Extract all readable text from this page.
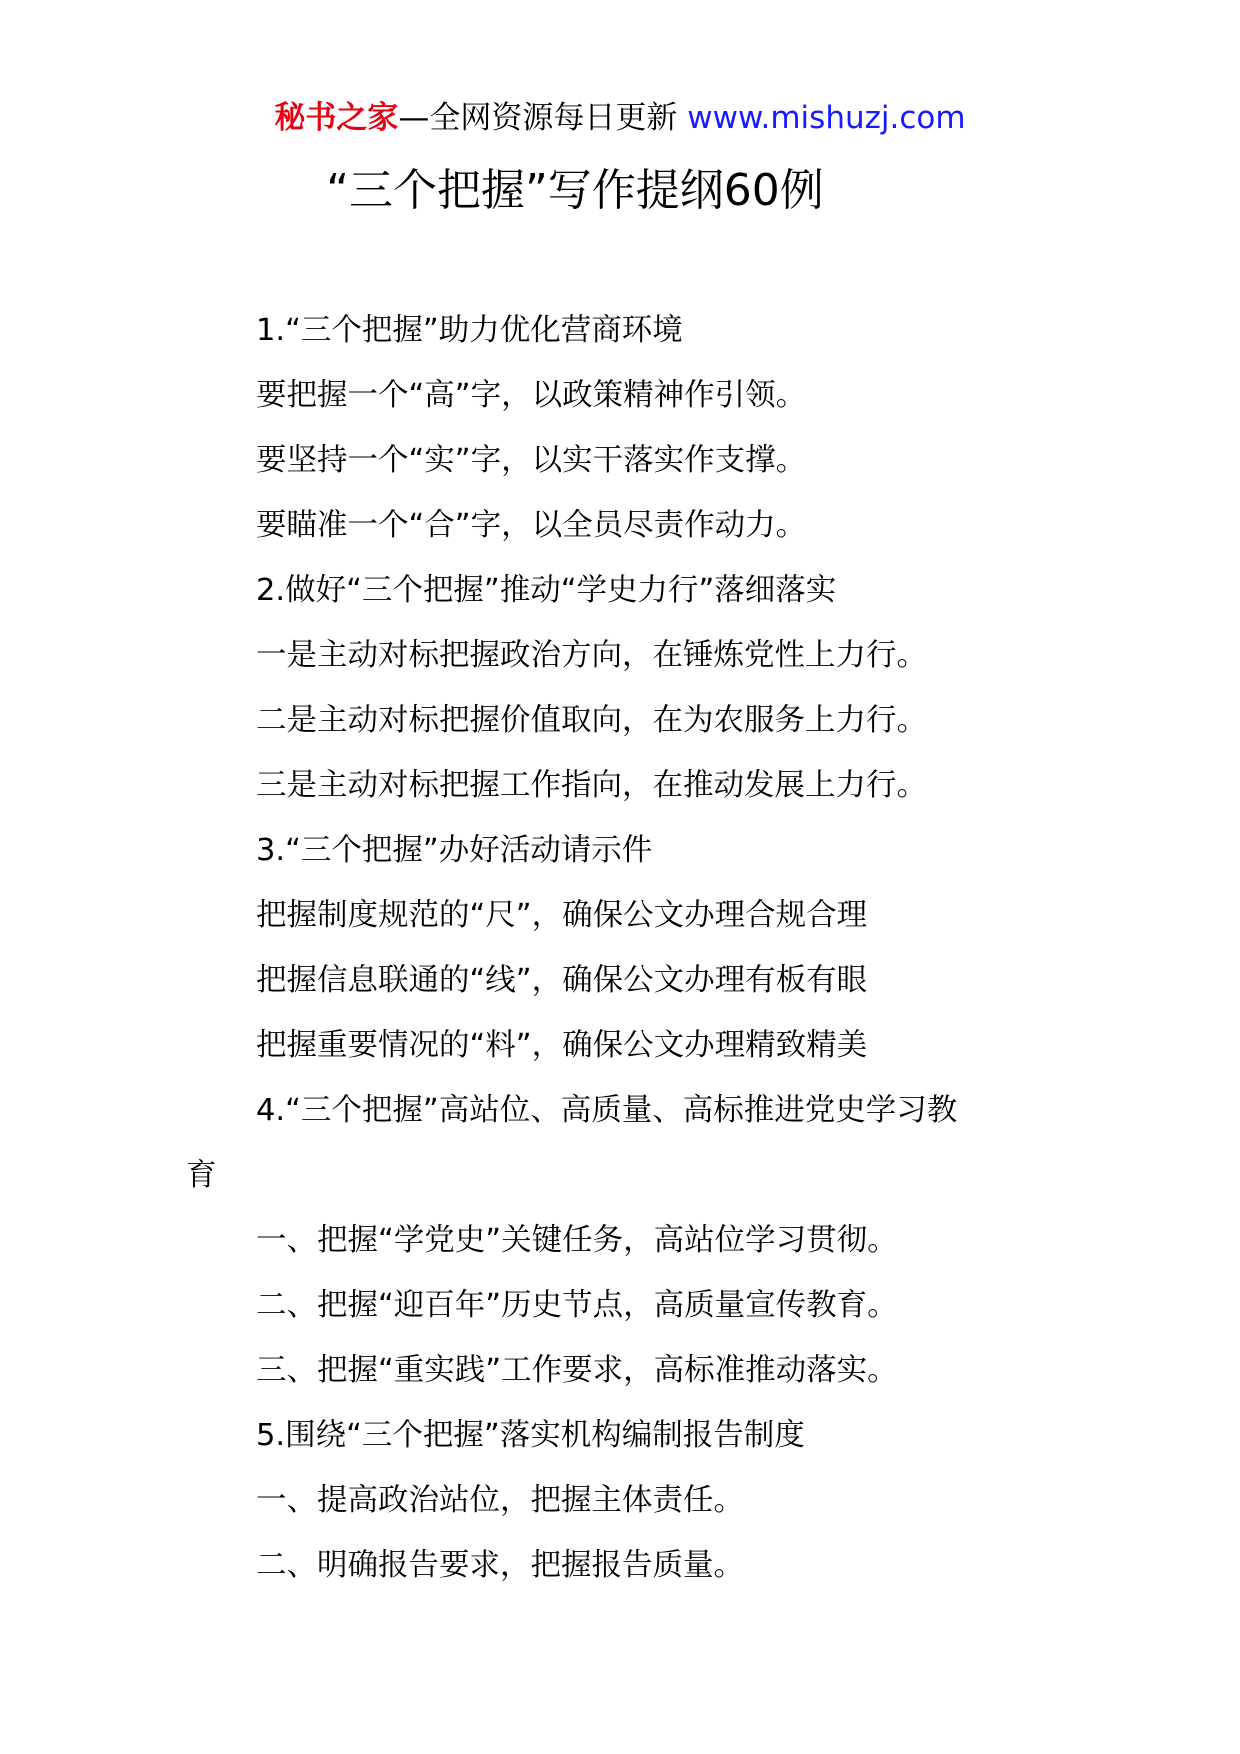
秘书之家—全网资源每日更新 www.mishuzj.com
“三个把握”写作提纲60例
1.“三个把握”助力优化营商环境
要把握一个“高”字，以政策精神作引领。
要坚持一个“实”字，以实干落实作支撑。
要瞄准一个“合”字，以全员尽责作动力。
2.做好“三个把握”推动“学史力行”落细落实
一是主动对标把握政治方向，在锤炼党性上力行。
二是主动对标把握价值取向，在为农服务上力行。
三是主动对标把握工作指向，在推动发展上力行。
3.“三个把握”办好活动请示件
把握制度规范的“尺”，确保公文办理合规合理
把握信息联通的“线”，确保公文办理有板有眼
把握重要情况的“料”，确保公文办理精致精美
4.“三个把握”高站位、高质量、高标推进党史学习教
育
一、把握“学党史”关键任务，高站位学习贯彻。
二、把握“迎百年”历史节点，高质量宣传教育。
三、把握“重实践”工作要求，高标准推动落实。
5.围绕“三个把握”落实机构编制报告制度
一、提高政治站位，把握主体责任。
二、明确报告要求，把握报告质量。
